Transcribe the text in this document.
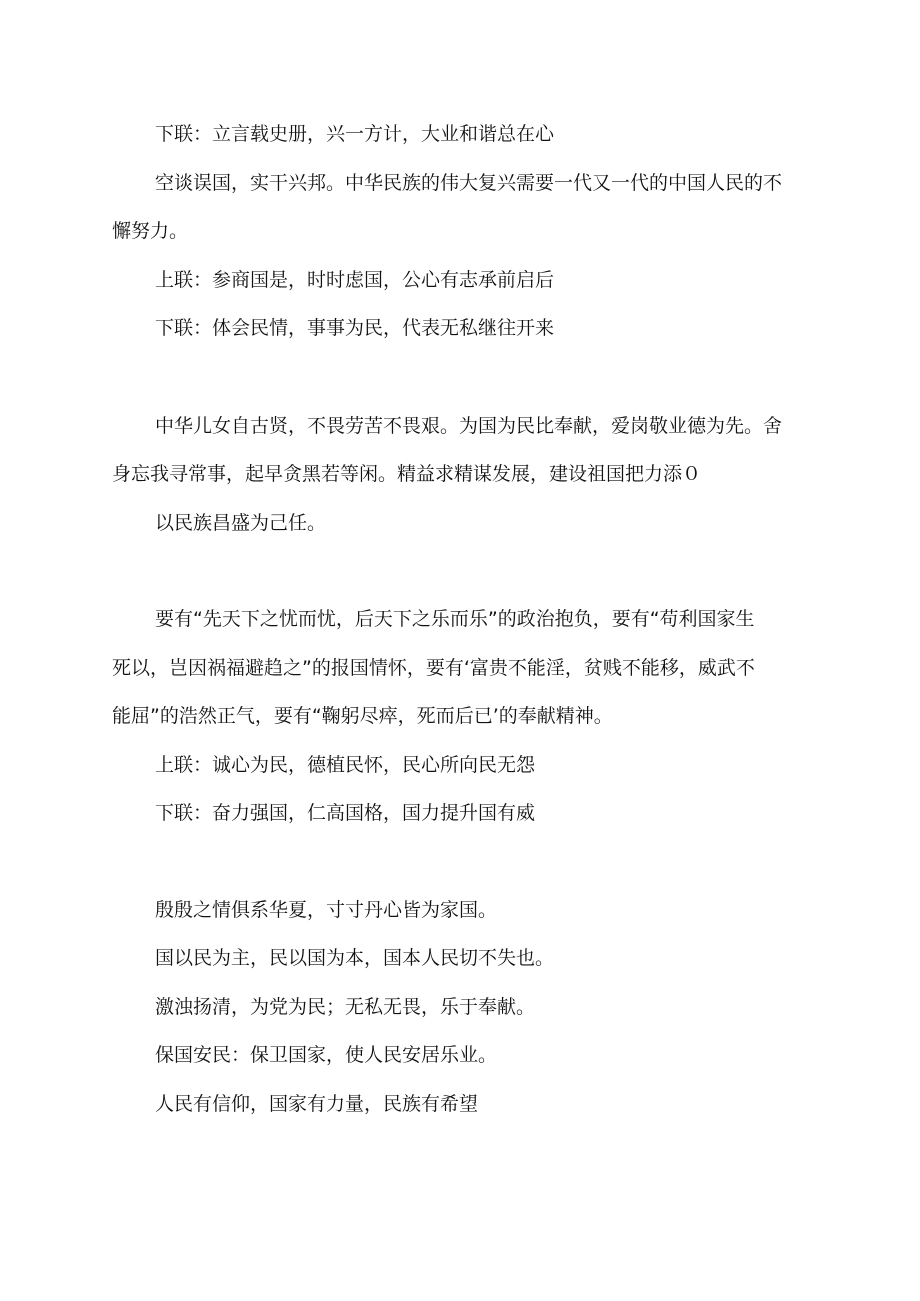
下联：立言载史册，兴一方计，大业和谐总在心
空谈误国，实干兴邦。中华民族的伟大复兴需要一代又一代的中国人民的不
懈努力。
上联：参商国是，时时虑国，公心有志承前启后
下联：体会民情，事事为民，代表无私继往开来
中华儿女自古贤，不畏劳苦不畏艰。为国为民比奉献，爱岗敬业德为先。舍
身忘我寻常事，起早贪黑若等闲。精益求精谋发展，建设祖国把力添０
以民族昌盛为己任。
要有“先天下之忧而忧，后天下之乐而乐”的政治抱负，要有“苟利国家生
死以，岂因祸福避趋之”的报国情怀，要有‘富贵不能淫，贫贱不能移，威武不
能屈”的浩然正气，要有“鞠躬尽瘁，死而后已’的奉献精神。
上联：诚心为民，德植民怀，民心所向民无怨
下联：奋力强国，仁高国格，国力提升国有威
殷殷之情俱系华夏，寸寸丹心皆为家国。
国以民为主，民以国为本，国本人民切不失也。
激浊扬清，为党为民；无私无畏，乐于奉献。
保国安民：保卫国家，使人民安居乐业。
人民有信仰，国家有力量，民族有希望
